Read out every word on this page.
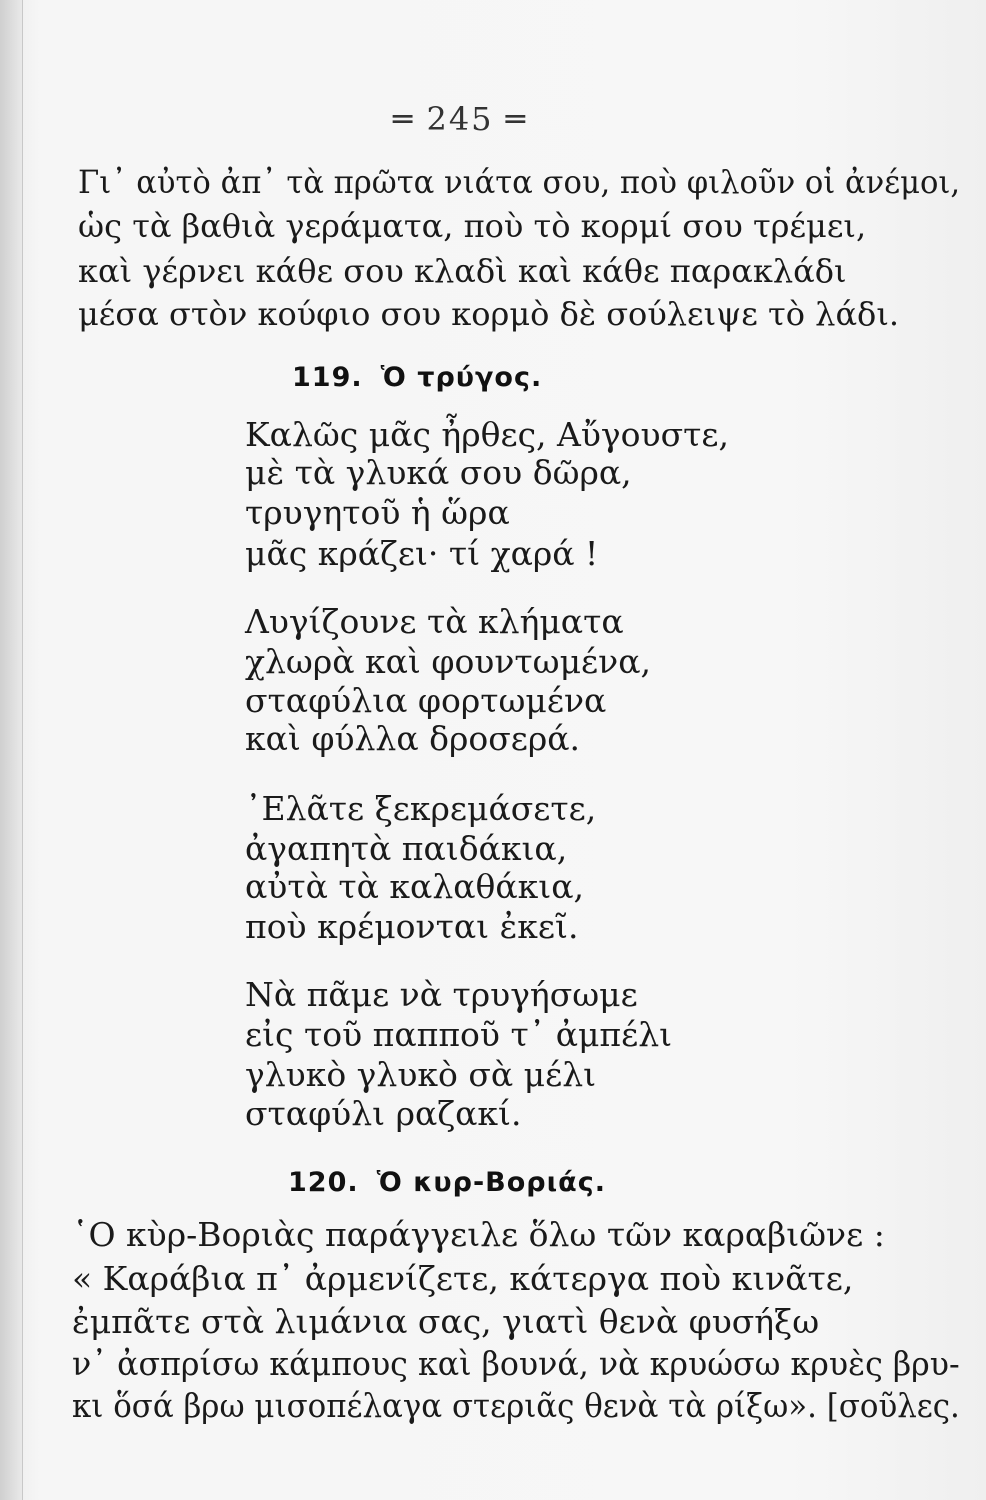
═ 245 ═
Γι᾽ αὐτὸ ἀπ᾽ τὰ πρῶτα νιάτα σου, ποὺ φιλοῦν οἱ ἀνέμοι,
ὡς τὰ βαθιὰ γεράματα, ποὺ τὸ κορμί σου τρέμει,
καὶ γέρνει κάθε σου κλαδὶ καὶ κάθε παρακλάδι
μέσα στὸν κούφιο σου κορμὸ δὲ σούλειψε τὸ λάδι.
119. Ὁ τρύγος.
Καλῶς μᾶς ἦρθες, Αὔγουστε,
μὲ τὰ γλυκά σου δῶρα,
τρυγητοῦ ἡ ὥρα
μᾶς κράζει· τί χαρά !
Λυγίζουνε τὰ κλήματα
χλωρὰ καὶ φουντωμένα,
σταφύλια φορτωμένα
καὶ φύλλα δροσερά.
᾽Ελᾶτε ξεκρεμάσετε,
ἀγαπητὰ παιδάκια,
αὐτὰ τὰ καλαθάκια,
ποὺ κρέμονται ἐκεῖ.
Νὰ πᾶμε νὰ τρυγήσωμε
εἰς τοῦ παπποῦ τ᾽ ἀμπέλι
γλυκὸ γλυκὸ σὰ μέλι
σταφύλι ραζακί.
120. Ὁ κυρ-Βοριάς.
῾Ο κὺρ-Βοριὰς παράγγειλε ὅλω τῶν καραβιῶνε :
« Καράβια π᾽ ἀρμενίζετε, κάτεργα ποὺ κινᾶτε,
ἐμπᾶτε στὰ λιμάνια σας, γιατὶ θενὰ φυσήξω
ν᾽ ἀσπρίσω κάμπους καὶ βουνά, νὰ κρυώσω κρυὲς βρυ-
κι ὅσά βρω μισοπέλαγα στεριᾶς θενὰ τὰ ρίξω». [σοῦλες.
